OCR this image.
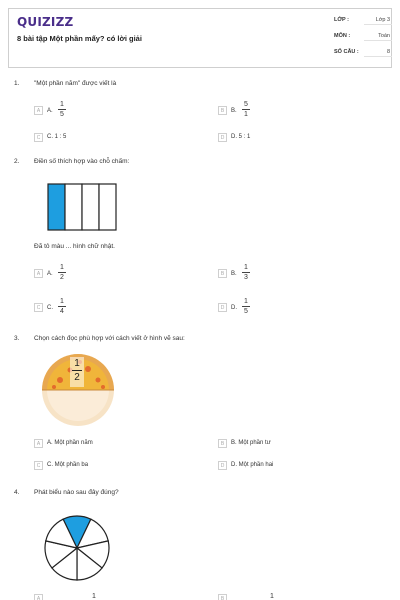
QUIZIZZ
8 bài tập Một phần mấy? có lời giải
LỚP :	Lớp 3
MÔN :	Toán
SỐ CÂU :	8
1. "Một phần năm" được viết là
A	A.
1
5	B	B.
5
1
C	C. 1 : 5	D	D. 5 : 1
2. Điền số thích hợp vào chỗ chấm:
Đã tô màu ... hình chữ nhật.
A	A.
1
2	B	B.
1
3
C	C.
1
4	D	D.
1
5
3. Chọn cách đọc phù hợp với cách viết ở hình vẽ sau:
1
2
A	A. Một phần năm	B	B. Một phần tư
C	C. Một phần ba	D	D. Một phần hai
4. Phát biểu nào sau đây đúng?
A	1	B	1
